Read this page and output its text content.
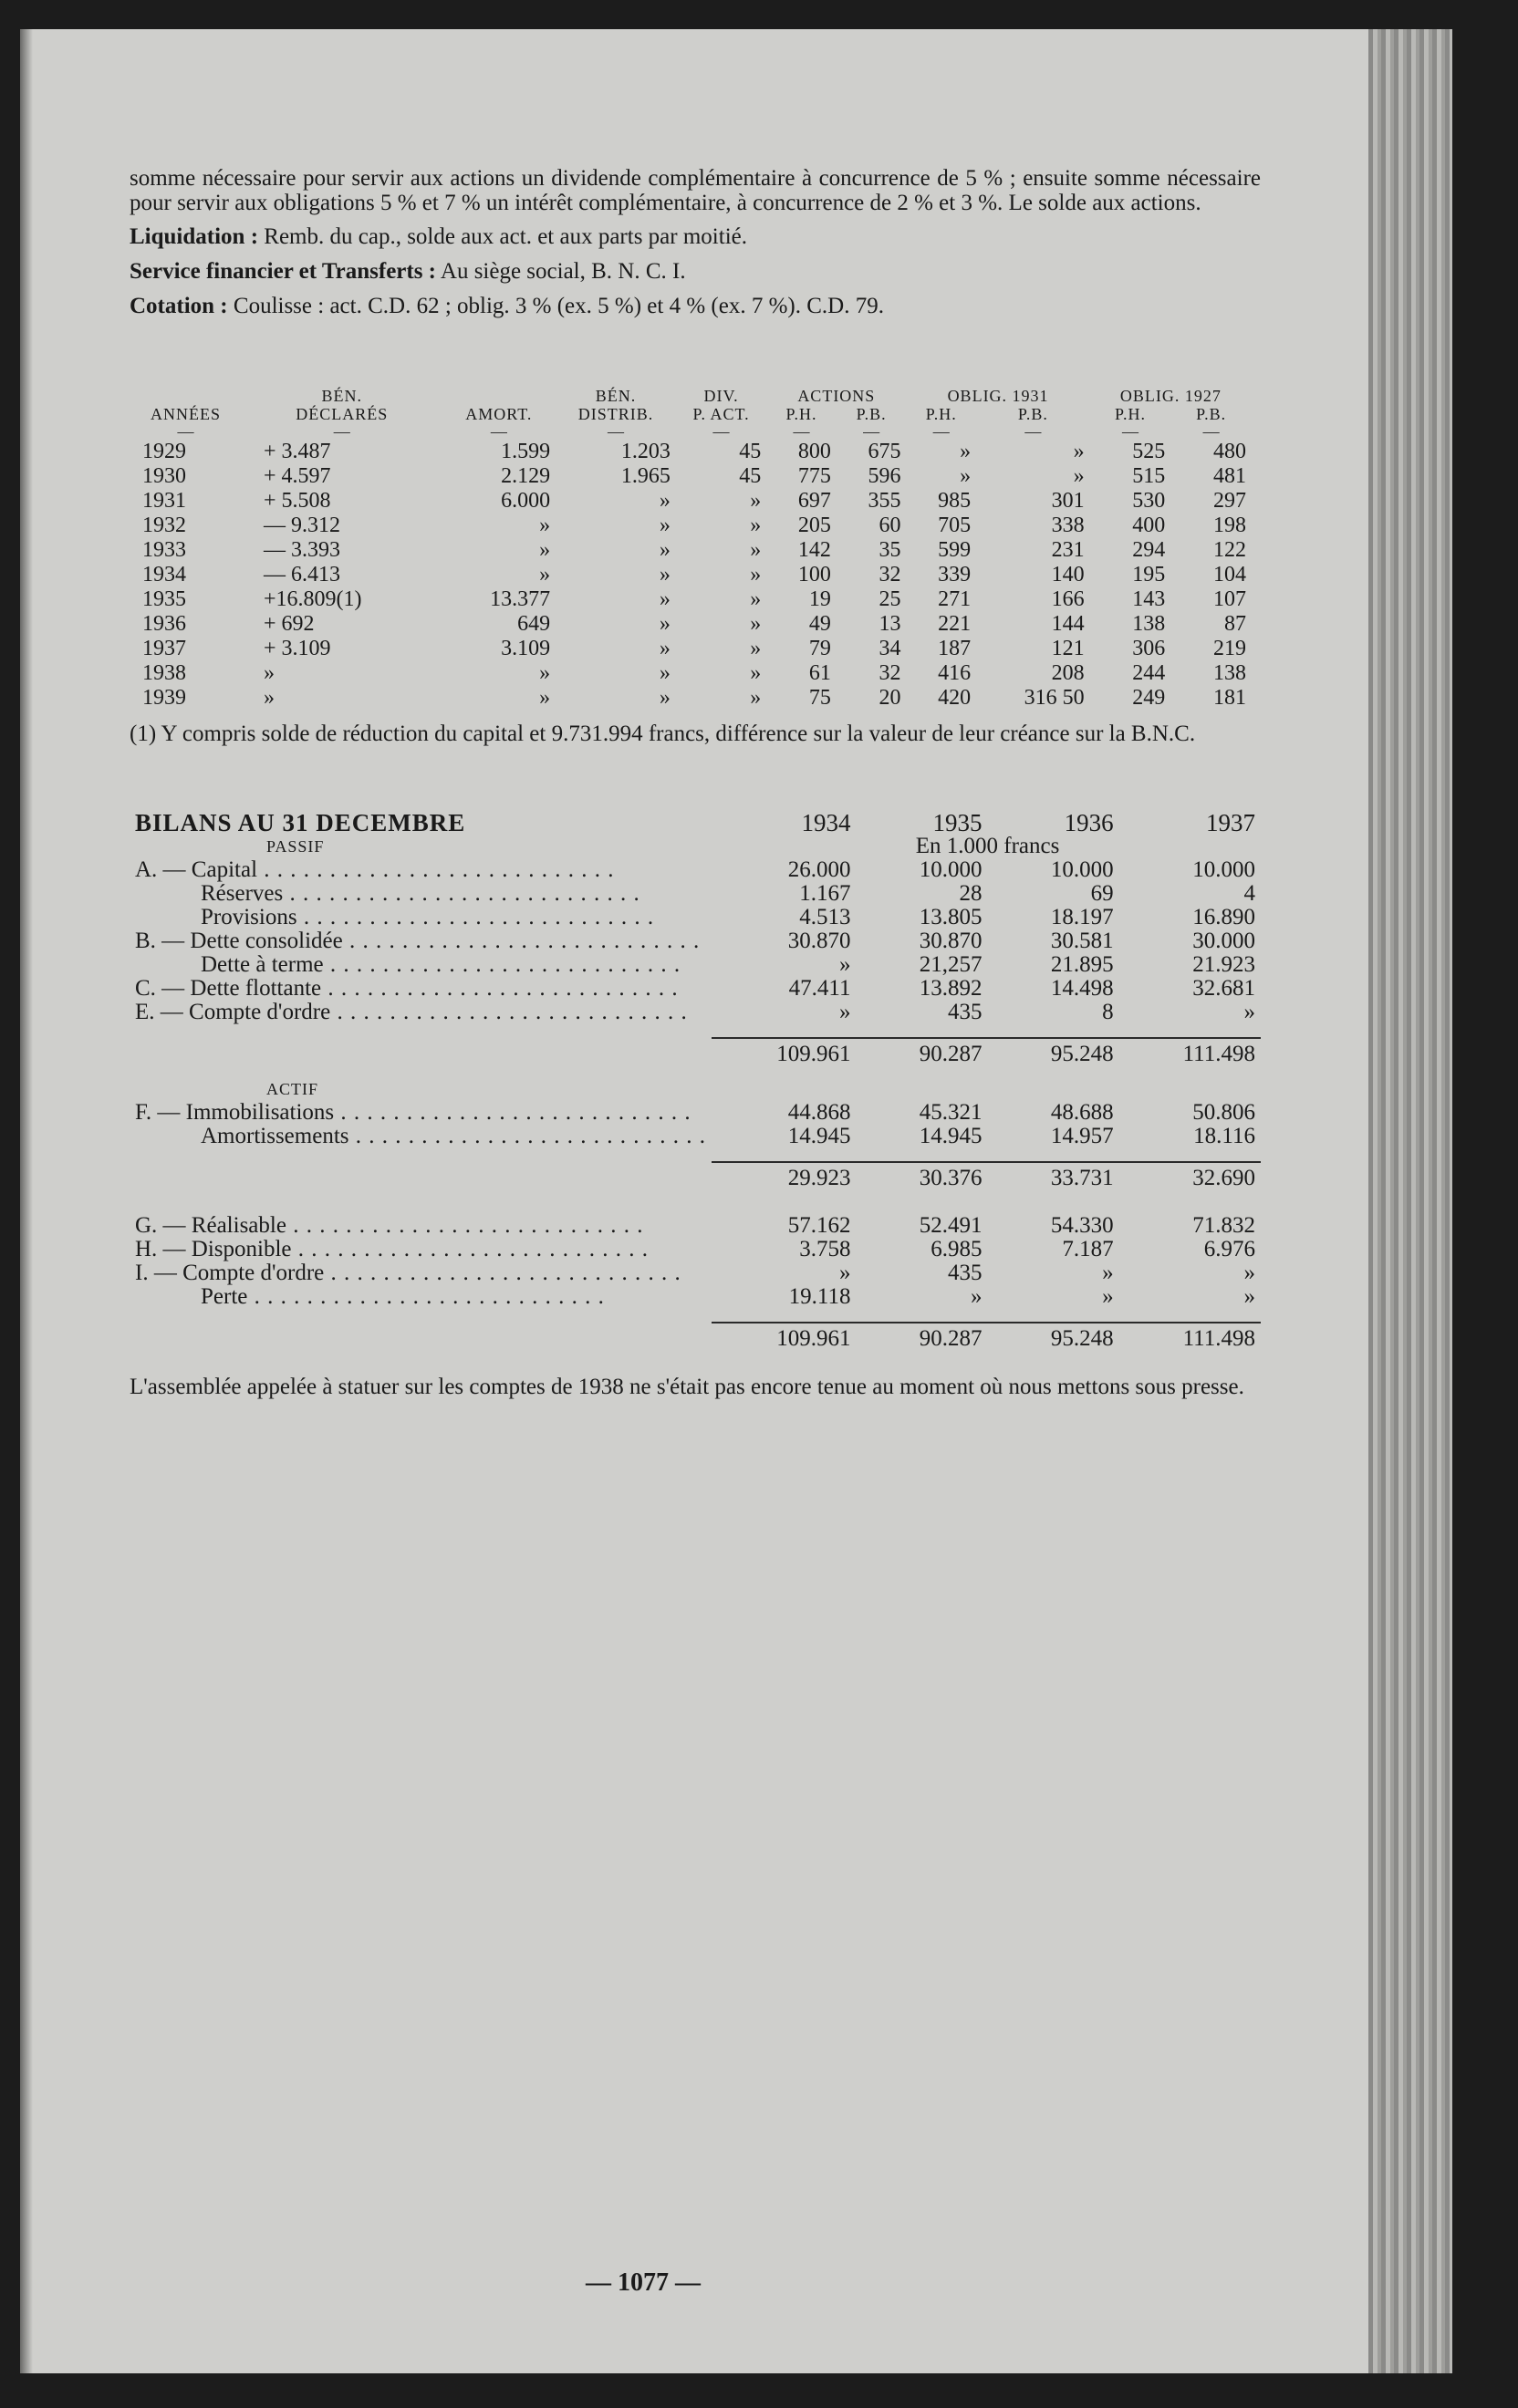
somme nécessaire pour servir aux actions un dividende complémentaire à concurrence de 5 % ; ensuite somme nécessaire pour servir aux obligations 5 % et 7 % un intérêt complémentaire, à concurrence de 2 % et 3 %. Le solde aux actions.

Liquidation : Remb. du cap., solde aux act. et aux parts par moitié.

Service financier et Transferts : Au siège social, B. N. C. I.

Cotation : Coulisse : act. C.D. 62 ; oblig. 3 % (ex. 5 %) et 4 % (ex. 7 %). C.D. 79.

	BÉN.		BÉN.	DIV.	ACTIONS		OBLIG. 1931		OBLIG. 1927	
ANNÉES	DÉCLARÉS	AMORT.	DISTRIB.	P. ACT.	P.H.	P.B.	P.H.	P.B.	P.H.	P.B.
—	—	—	—	—	—	—	—	—	—	—
1929	+ 3.487	1.599	1.203	45	800	675	»	»	525	480
1930	+ 4.597	2.129	1.965	45	775	596	»	»	515	481
1931	+ 5.508	6.000	»	»	697	355	985	301	530	297
1932	— 9.312	»	»	»	205	60	705	338	400	198
1933	— 3.393	»	»	»	142	35	599	231	294	122
1934	— 6.413	»	»	»	100	32	339	140	195	104
1935	+16.809(1)	13.377	»	»	19	25	271	166	143	107
1936	+ 692	649	»	»	49	13	221	144	138	87
1937	+ 3.109	3.109	»	»	79	34	187	121	306	219
1938	»	»	»	»	61	32	416	208	244	138
1939	»	»	»	»	75	20	420	316 50	249	181

(1) Y compris solde de réduction du capital et 9.731.994 francs, différence sur la valeur de leur créance sur la B.N.C.

BILANS AU 31 DECEMBRE	1934	1935	1936	1937
PASSIF		En 1.000 francs		
A. — Capital . . .	26.000	10.000	10.000	10.000
Réserves . . .	1.167	28	69	4
Provisions . . .	4.513	13.805	18.197	16.890
B. — Dette consolidée . . .	30.870	30.870	30.581	30.000
Dette à terme . . .	»	21,257	21.895	21.923
C. — Dette flottante . . .	47.411	13.892	14.498	32.681
E. — Compte d'ordre . . .	»	435	8	»

	109.961	90.287	95.248	111.498

ACTIF				
F. — Immobilisations . . .	44.868	45.321	48.688	50.806
Amortissements . . .	14.945	14.945	14.957	18.116

	29.923	30.376	33.731	32.690

G. — Réalisable . . .	57.162	52.491	54.330	71.832
H. — Disponible . . .	3.758	6.985	7.187	6.976
I. — Compte d'ordre . . .	»	435	»	»
Perte . . .	19.118	»	»	»

	109.961	90.287	95.248	111.498

L'assemblée appelée à statuer sur les comptes de 1938 ne s'était pas encore tenue au moment où nous mettons sous presse.

— 1077 —
